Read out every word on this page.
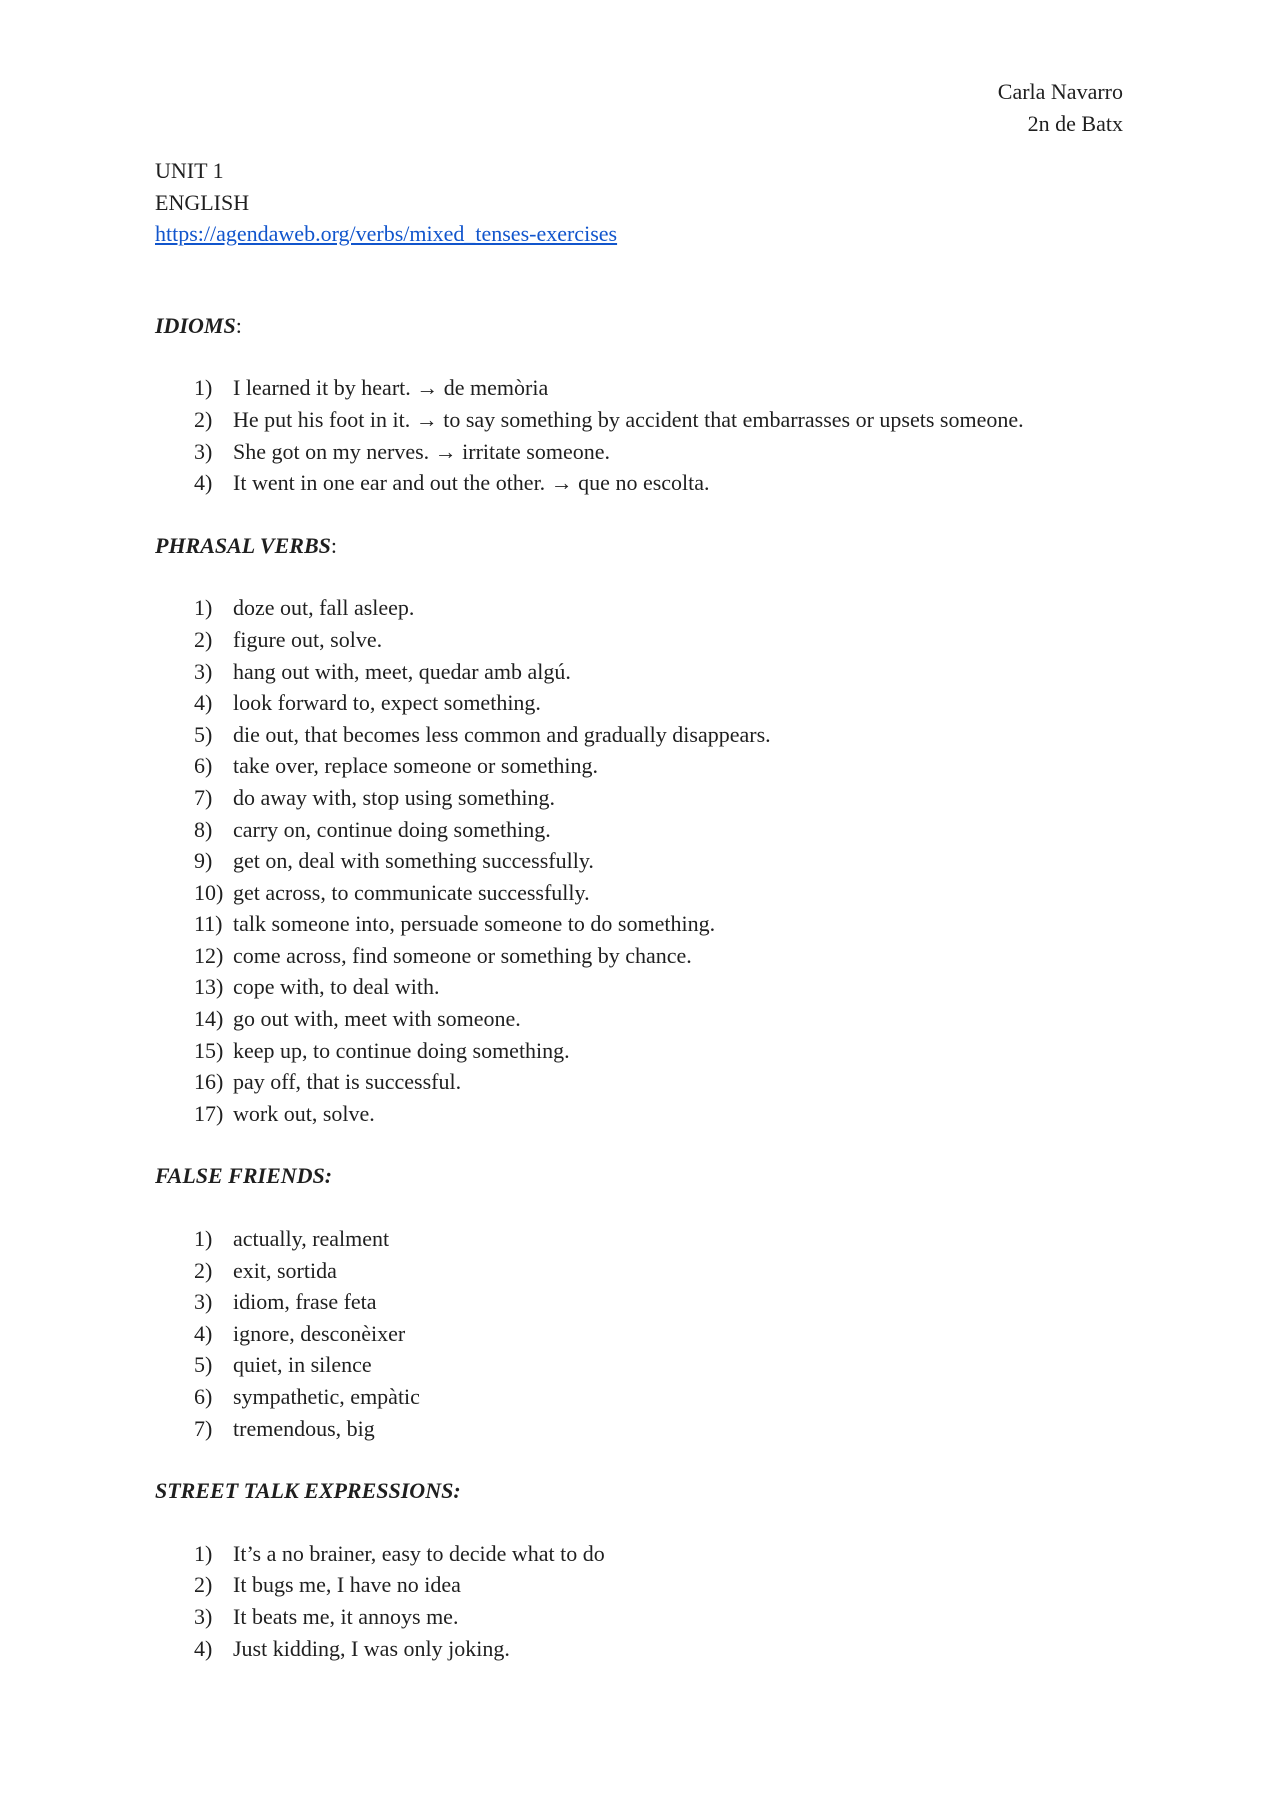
Carla Navarro
2n de Batx
UNIT 1
ENGLISH
https://agendaweb.org/verbs/mixed_tenses-exercises
IDIOMS:
1) I learned it by heart. → de memòria
2) He put his foot in it. → to say something by accident that embarrasses or upsets someone.
3) She got on my nerves. → irritate someone.
4) It went in one ear and out the other. → que no escolta.
PHRASAL VERBS:
1) doze out, fall asleep.
2) figure out, solve.
3) hang out with, meet, quedar amb algú.
4) look forward to, expect something.
5) die out, that becomes less common and gradually disappears.
6) take over, replace someone or something.
7) do away with, stop using something.
8) carry on, continue doing something.
9) get on, deal with something successfully.
10) get across, to communicate successfully.
11) talk someone into, persuade someone to do something.
12) come across, find someone or something by chance.
13) cope with, to deal with.
14) go out with, meet with someone.
15) keep up, to continue doing something.
16) pay off, that is successful.
17) work out, solve.
FALSE FRIENDS:
1) actually, realment
2) exit, sortida
3) idiom, frase feta
4) ignore, desconèixer
5) quiet, in silence
6) sympathetic, empàtic
7) tremendous, big
STREET TALK EXPRESSIONS:
1) It’s a no brainer, easy to decide what to do
2) It bugs me, I have no idea
3) It beats me, it annoys me.
4) Just kidding, I was only joking.
